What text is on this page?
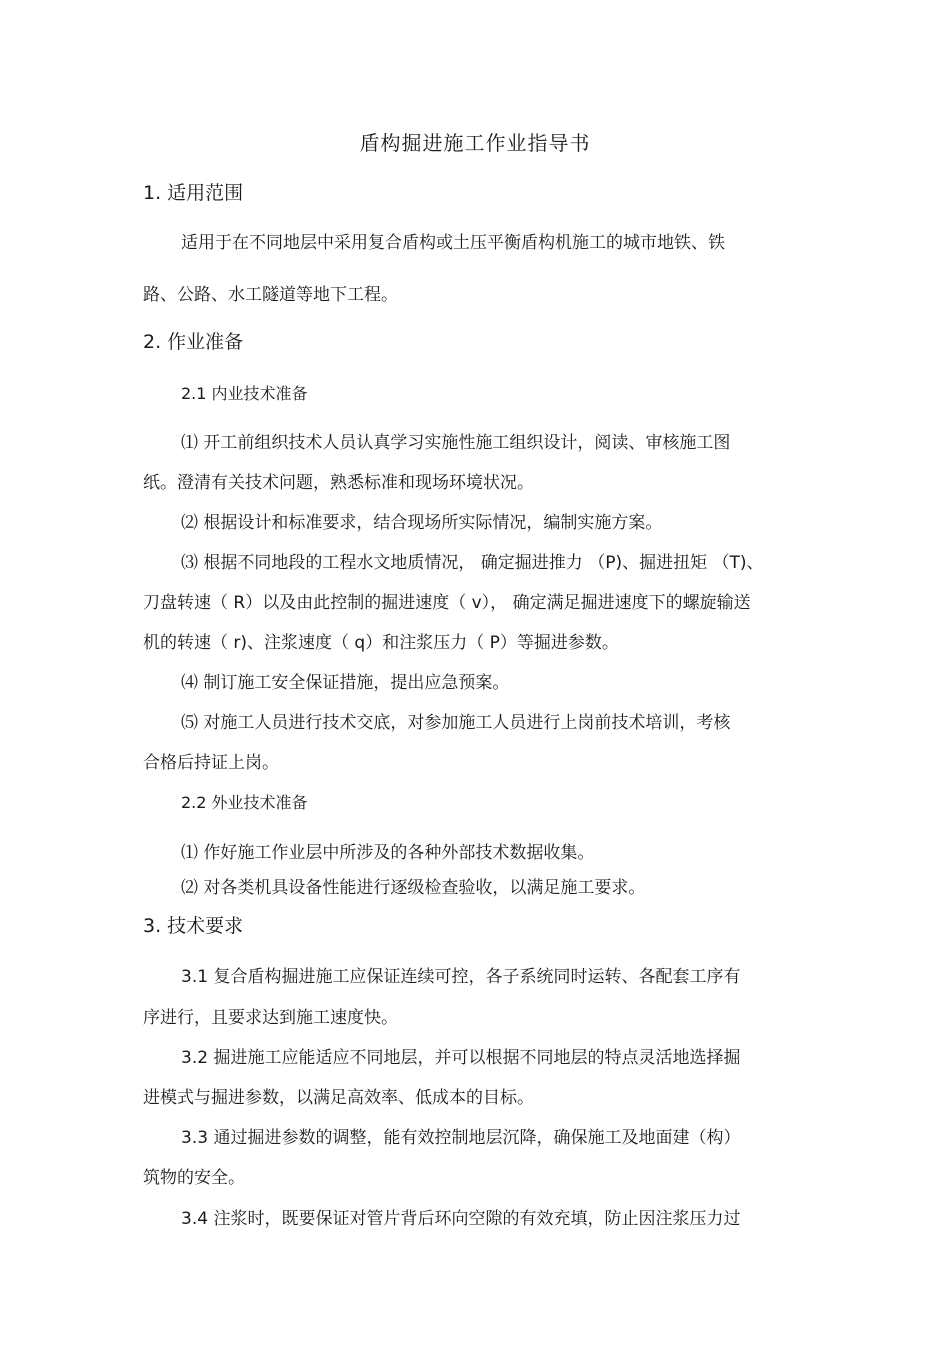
盾构掘进施工作业指导书
1. 适用范围
适用于在不同地层中采用复合盾构或土压平衡盾构机施工的城市地铁、铁
路、公路、水工隧道等地下工程。
2. 作业准备
2.1 内业技术准备
⑴ 开工前组织技术人员认真学习实施性施工组织设计，阅读、审核施工图
纸。澄清有关技术问题，熟悉标准和现场环境状况。
⑵ 根据设计和标准要求，结合现场所实际情况，编制实施方案。
⑶ 根据不同地段的工程水文地质情况， 确定掘进推力 （P)、掘进扭矩 （T)、
刀盘转速（ R）以及由此控制的掘进速度（ v）， 确定满足掘进速度下的螺旋输送
机的转速（ r)、注浆速度（ q）和注浆压力（ P）等掘进参数。
⑷ 制订施工安全保证措施，提出应急预案。
⑸ 对施工人员进行技术交底，对参加施工人员进行上岗前技术培训，考核
合格后持证上岗。
2.2 外业技术准备
⑴ 作好施工作业层中所涉及的各种外部技术数据收集。
⑵ 对各类机具设备性能进行逐级检查验收，以满足施工要求。
3. 技术要求
3.1 复合盾构掘进施工应保证连续可控，各子系统同时运转、各配套工序有
序进行，且要求达到施工速度快。
3.2 掘进施工应能适应不同地层，并可以根据不同地层的特点灵活地选择掘
进模式与掘进参数，以满足高效率、低成本的目标。
3.3 通过掘进参数的调整，能有效控制地层沉降，确保施工及地面建（构）
筑物的安全。
3.4 注浆时，既要保证对管片背后环向空隙的有效充填，防止因注浆压力过
